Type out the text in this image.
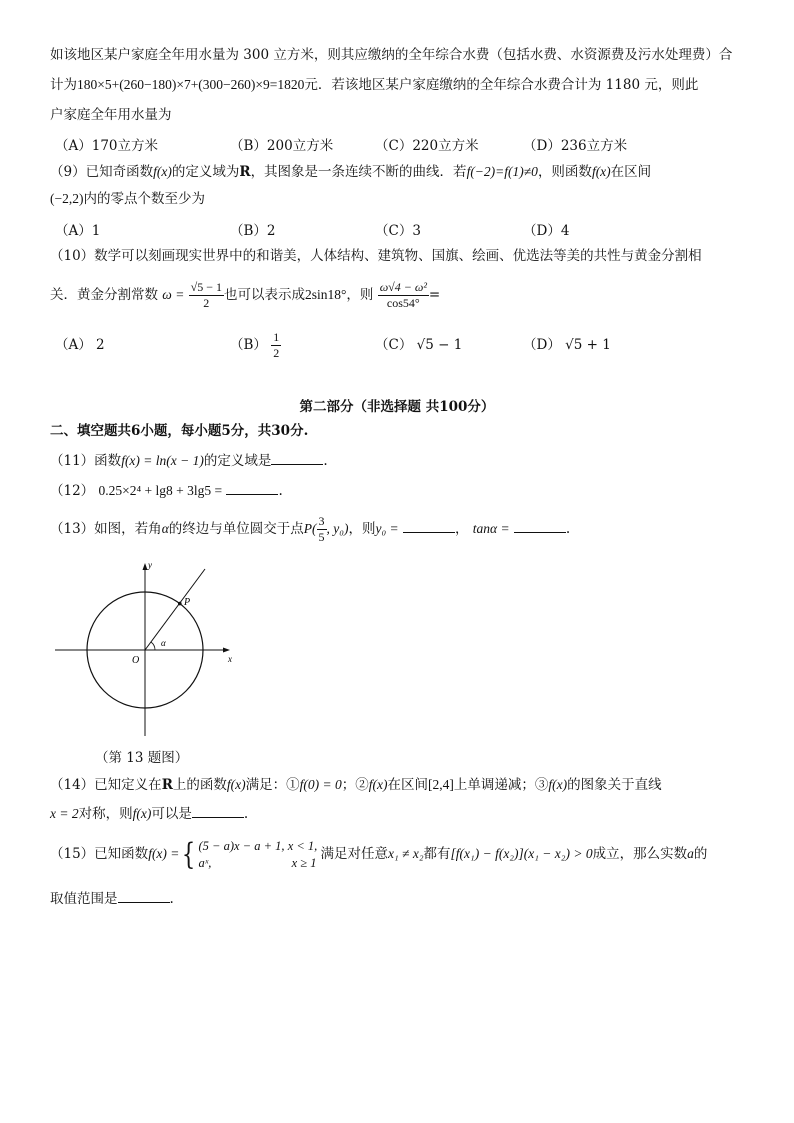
如该地区某户家庭全年用水量为 300 立方米，则其应缴纳的全年综合水费（包括水费、水资源费及污水处理费）合
计为180×5+(260−180)×7+(300−260)×9=1820元．若该地区某户家庭缴纳的全年综合水费合计为 1180 元，则此
户家庭全年用水量为
（A）170立方米	（B）200立方米	（C）220立方米	（D）236立方米
（9）已知奇函数f(x)的定义域为R，其图象是一条连续不断的曲线．若f(−2)=f(1)≠0，则函数f(x)在区间
(−2,2)内的零点个数至少为
（A）1	（B）2	（C）3	（D）4
（10）数学可以刻画现实世界中的和谐美，人体结构、建筑物、国旗、绘画、优选法等美的共性与黄金分割相
关．黄金分割常数 $\omega = \frac{√5 - 1}{2}$ 也可以表示成2sin18°，则 $\frac{\text{ω√4 − ω²}}{\cos 54^\circ}$ =
（A） 2	$(B) \frac{1}{2}$	（C） √5 − 1	（D） √5 + 1
第二部分（非选择题 共100分）
二、填空题共6小题，每小题5分，共30分.
（11）函数f(x) = ln(x − 1)的定义域是	.
（12） 0.25×2⁴ + lg8 + 3lg5 =	.
（13）如图，若角α的终边与单位圆交于点$P( \frac{3}{5}$ , y₀)，则y₀ =	， tanα =	.
y
x
O
P
α
（第 13 题图）
（14）已知定义在R上的函数f(x)满足：①f(0) = 0；②f(x)在区间[2,4]上单调递减；③f(x)的图象关于直线
x = 2对称，则f(x)可以是	.
（15）已知函数f(x) ={ (5 − a)x − a + 1, x < 1,
aˣ,	x ≥ 1
满足对任意x₁ ≠ x₂都有[f(x₁) − f(x₂)](x₁ − x₂) > 0成立，那么实数a的
取值范围是	.
